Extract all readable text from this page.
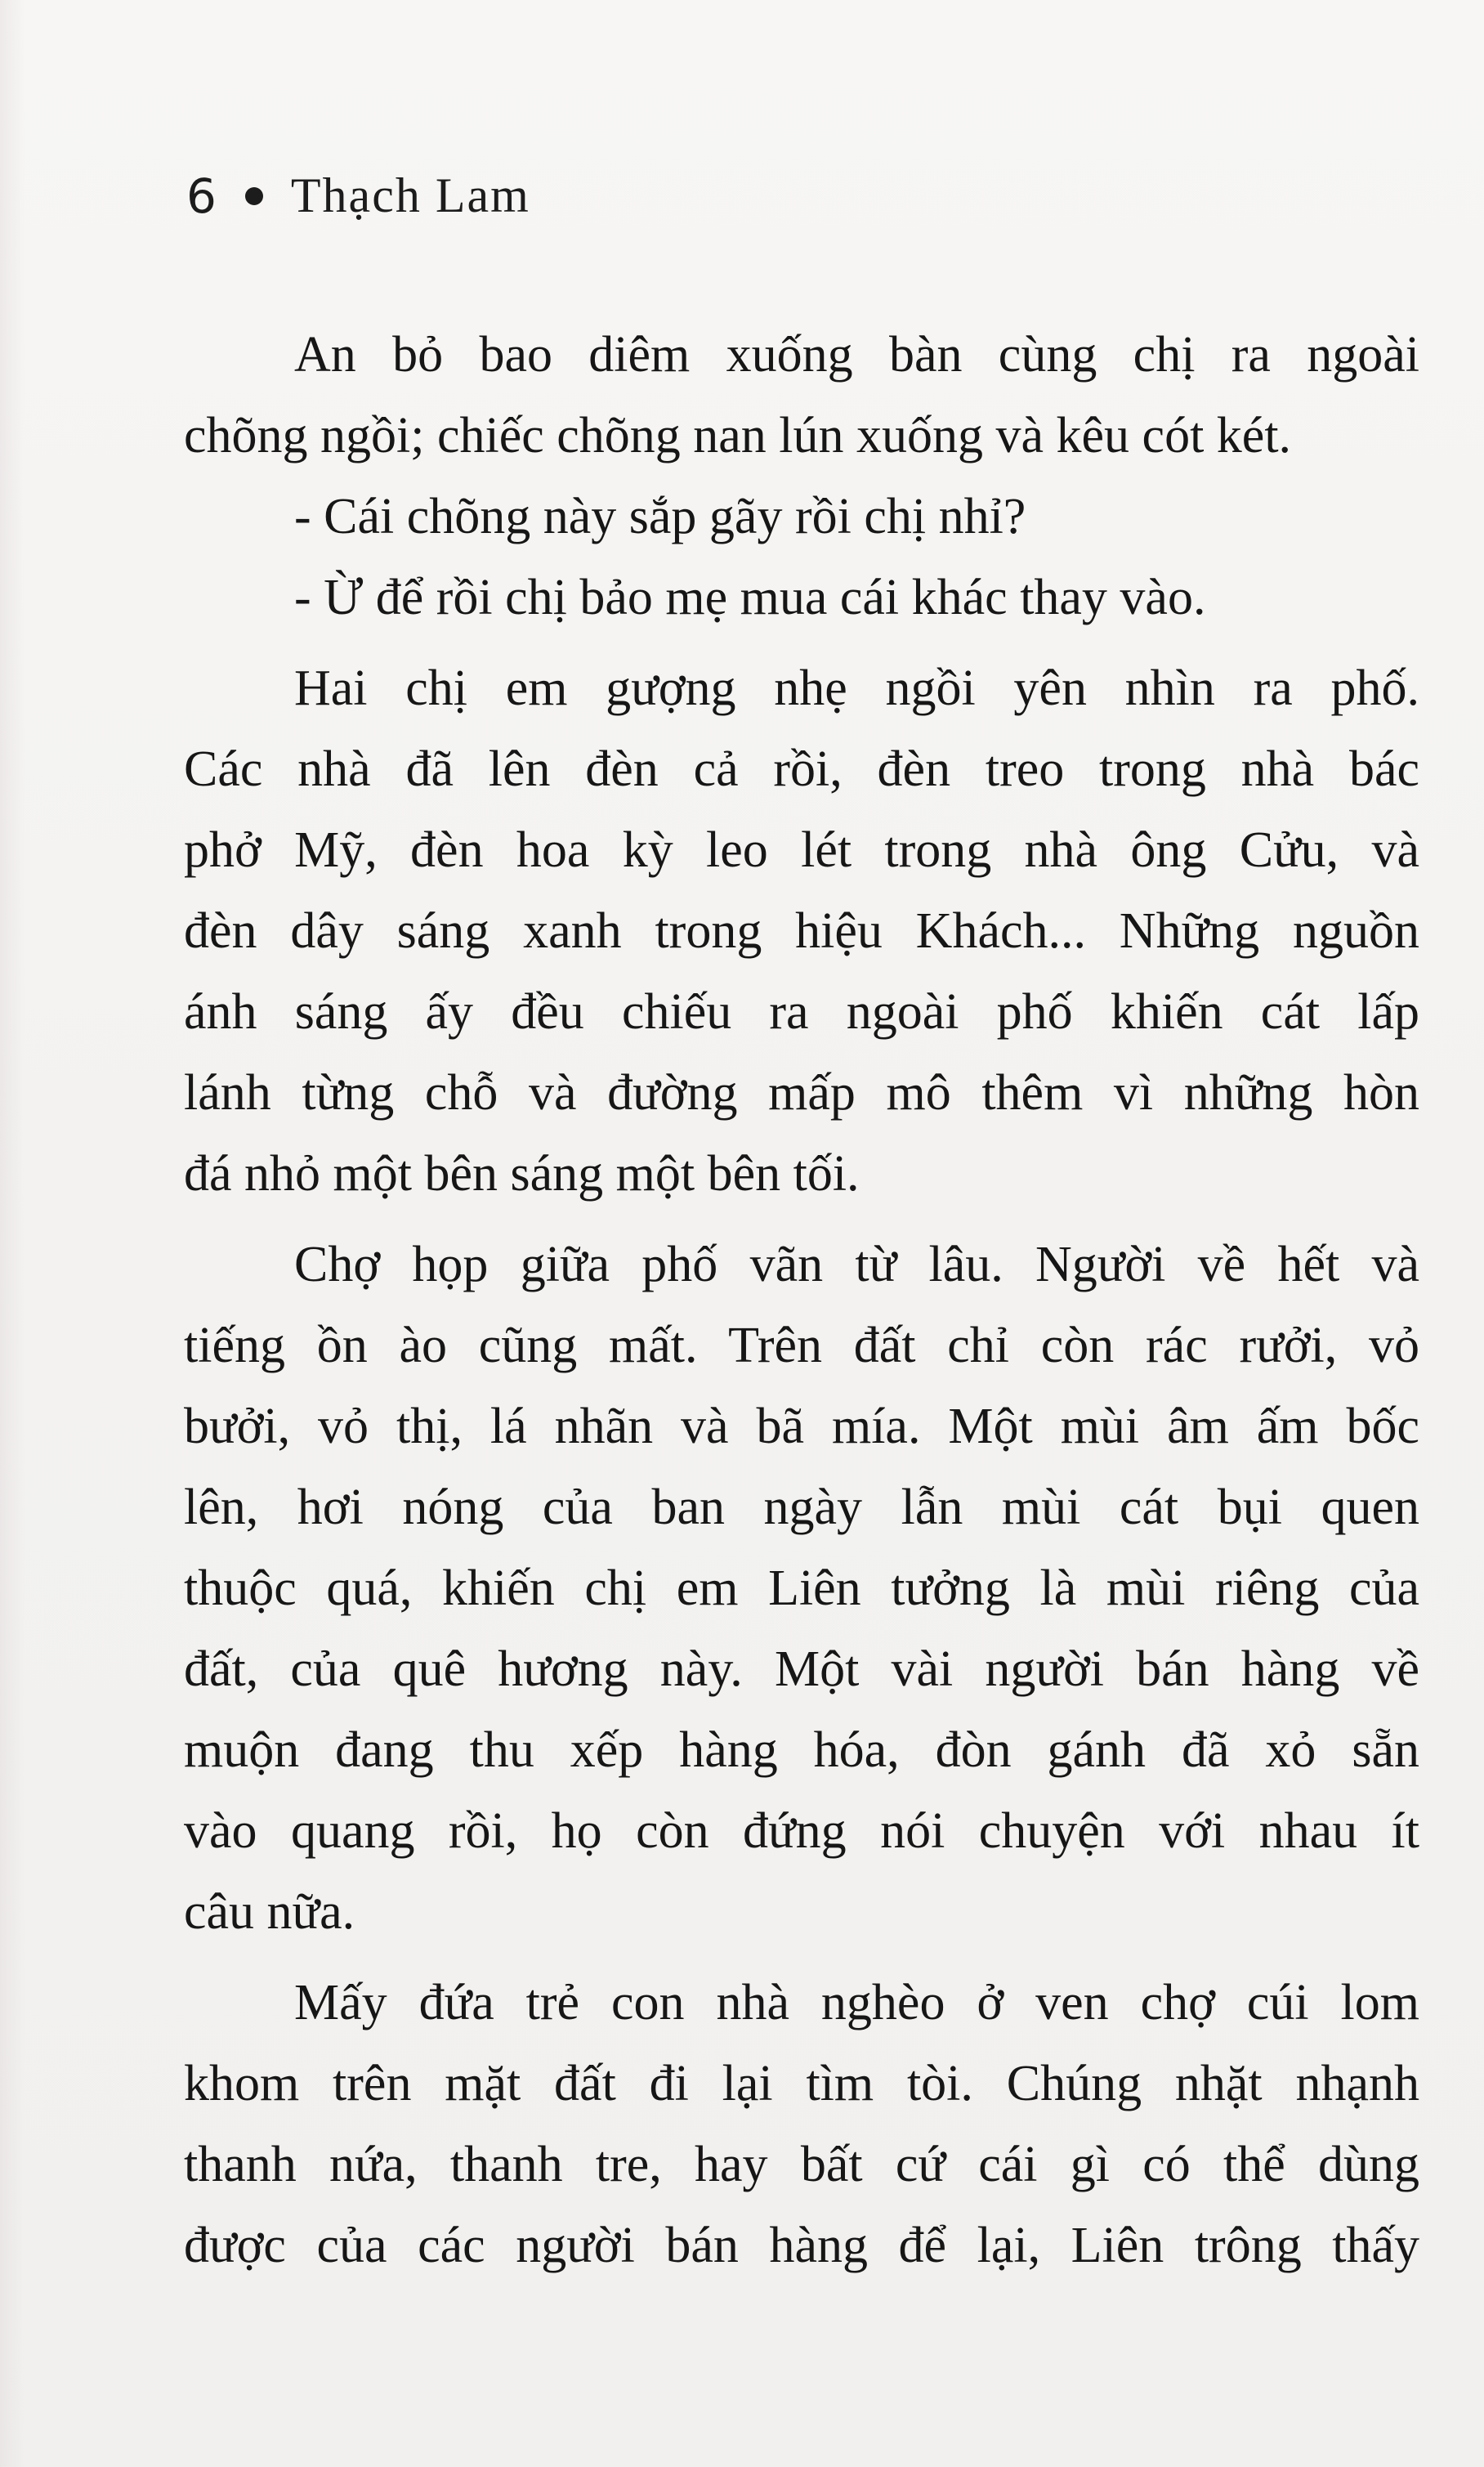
6 Thạch Lam
An bỏ bao diêm xuống bàn cùng chị ra ngoài
chõng ngồi; chiếc chõng nan lún xuống và kêu cót két.
- Cái chõng này sắp gãy rồi chị nhỉ?
- Ừ để rồi chị bảo mẹ mua cái khác thay vào.
Hai chị em gượng nhẹ ngồi yên nhìn ra phố.
Các nhà đã lên đèn cả rồi, đèn treo trong nhà bác
phở Mỹ, đèn hoa kỳ leo lét trong nhà ông Cửu, và
đèn dây sáng xanh trong hiệu Khách... Những nguồn
ánh sáng ấy đều chiếu ra ngoài phố khiến cát lấp
lánh từng chỗ và đường mấp mô thêm vì những hòn
đá nhỏ một bên sáng một bên tối.
Chợ họp giữa phố vãn từ lâu. Người về hết và
tiếng ồn ào cũng mất. Trên đất chỉ còn rác rưởi, vỏ
bưởi, vỏ thị, lá nhãn và bã mía. Một mùi âm ấm bốc
lên, hơi nóng của ban ngày lẫn mùi cát bụi quen
thuộc quá, khiến chị em Liên tưởng là mùi riêng của
đất, của quê hương này. Một vài người bán hàng về
muộn đang thu xếp hàng hóa, đòn gánh đã xỏ sẵn
vào quang rồi, họ còn đứng nói chuyện với nhau ít
câu nữa.
Mấy đứa trẻ con nhà nghèo ở ven chợ cúi lom
khom trên mặt đất đi lại tìm tòi. Chúng nhặt nhạnh
thanh nứa, thanh tre, hay bất cứ cái gì có thể dùng
được của các người bán hàng để lại, Liên trông thấy
